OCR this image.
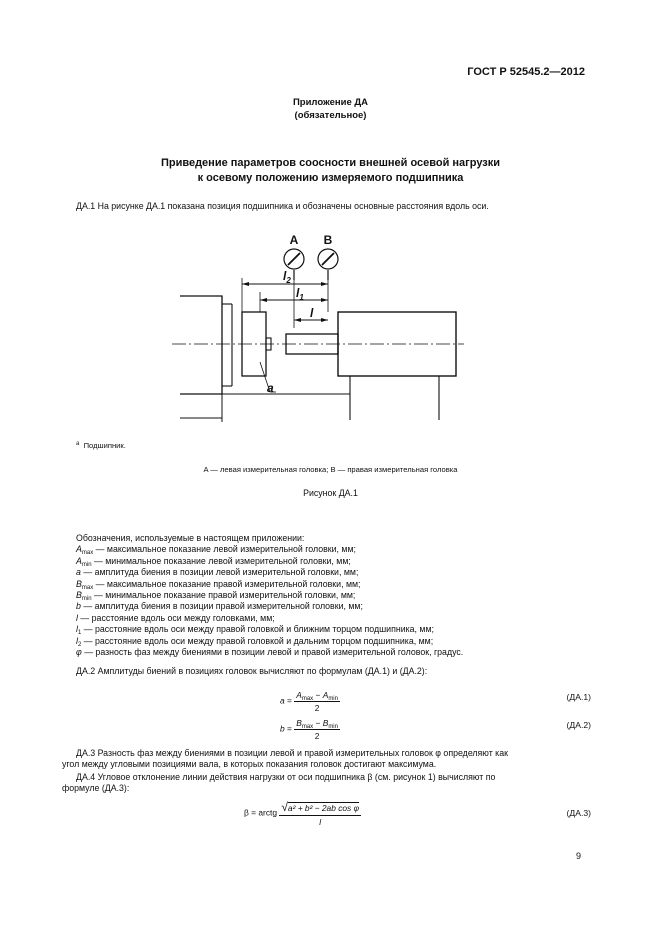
ГОСТ Р 52545.2—2012
Приложение ДА
(обязательное)
Приведение параметров соосности внешней осевой нагрузки
к осевому положению измеряемого подшипника
ДА.1 На рисунке ДА.1 показана позиция подшипника и обозначены основные расстояния вдоль оси.
A B
$l_2$
$l_1$
l
a
$^a$ Подшипник.
A — левая измерительная головка; B — правая измерительная головка
Рисунок ДА.1
Обозначения, используемые в настоящем приложении:
$A_{max}$ — максимальное показание левой измерительной головки, мм;
$A_{min}$ — минимальное показание левой измерительной головки, мм;
a — амплитуда биения в позиции левой измерительной головки, мм;
$B_{max}$ — максимальное показание правой измерительной головки, мм;
$B_{min}$ — минимальное показание правой измерительной головки, мм;
b — амплитуда биения в позиции правой измерительной головки, мм;
l — расстояние вдоль оси между головками, мм;
$l_1$ — расстояние вдоль оси между правой головкой и ближним торцом подшипника, мм;
$l_2$ — расстояние вдоль оси между правой головкой и дальним торцом подшипника, мм;
φ — разность фаз между биениями в позиции левой и правой измерительной головок, градус.
ДА.2 Амплитуды биений в позициях головок вычисляют по формулам (ДА.1) и (ДА.2):
$a = \frac{A_{max} - A_{min}}{2}$	(ДА.1)
$b = \frac{B_{max} - B_{min}}{2}$	(ДА.2)
ДА.3 Разность фаз между биениями в позиции левой и правой измерительных головок φ определяют как
угол между угловыми позициями вала, в которых показания головок достигают максимума.
ДА.4 Угловое отклонение линии действия нагрузки от оси подшипника β (см. рисунок 1) вычисляют по
формуле (ДА.3):
β = arctg $\frac{\text{√a² + b² − 2ab cos φ}}{l}$	(ДА.3)
9
